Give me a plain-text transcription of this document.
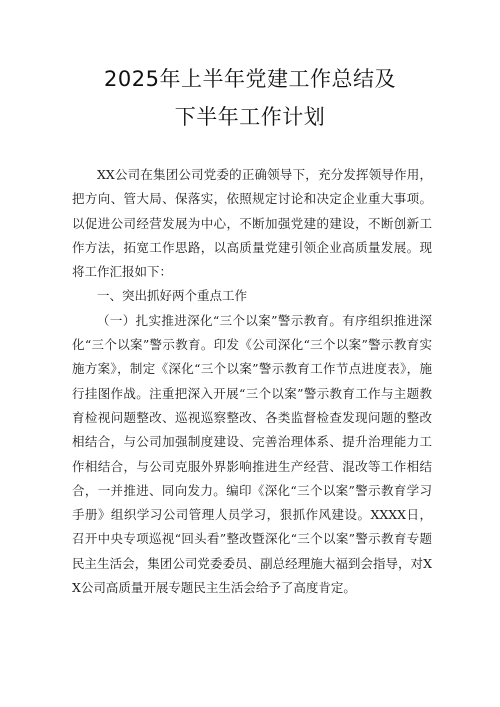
2025年上半年党建工作总结及
下半年工作计划

XX公司在集团公司党委的正确领导下，充分发挥领导作用，把方向、管大局、保落实，依照规定讨论和决定企业重大事项。以促进公司经营发展为中心，不断加强党建的建设，不断创新工作方法，拓宽工作思路，以高质量党建引领企业高质量发展。现将工作汇报如下：

一、突出抓好两个重点工作

（一）扎实推进深化“三个以案”警示教育。有序组织推进深化“三个以案”警示教育。印发《公司深化“三个以案”警示教育实施方案》，制定《深化“三个以案”警示教育工作节点进度表》，施行挂图作战。注重把深入开展“三个以案”警示教育工作与主题教育检视问题整改、巡视巡察整改、各类监督检查发现问题的整改相结合，与公司加强制度建设、完善治理体系、提升治理能力工作相结合，与公司克服外界影响推进生产经营、混改等工作相结合，一并推进、同向发力。编印《深化“三个以案”警示教育学习手册》组织学习公司管理人员学习，狠抓作风建设。XXXX日，召开中央专项巡视“回头看”整改暨深化“三个以案”警示教育专题民主生活会，集团公司党委委员、副总经理施大福到会指导，对XX公司高质量开展专题民主生活会给予了高度肯定。
